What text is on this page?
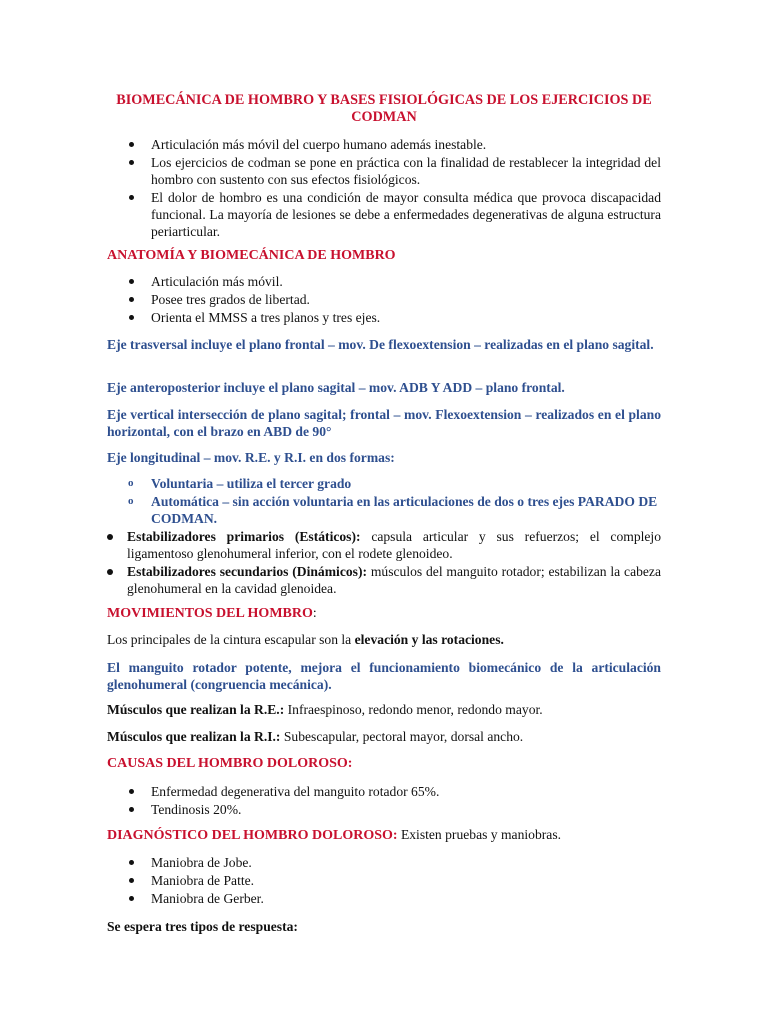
BIOMECÁNICA DE HOMBRO Y BASES FISIOLÓGICAS DE LOS EJERCICIOS DE CODMAN
Articulación más móvil del cuerpo humano además inestable.
Los ejercicios de codman se pone en práctica con la finalidad de restablecer la integridad del hombro con sustento con sus efectos fisiológicos.
El dolor de hombro es una condición de mayor consulta médica que provoca discapacidad funcional. La mayoría de lesiones se debe a enfermedades degenerativas de alguna estructura periarticular.
ANATOMÍA Y BIOMECÁNICA DE HOMBRO
Articulación más móvil.
Posee tres grados de libertad.
Orienta el MMSS a tres planos y tres ejes.
Eje trasversal incluye el plano frontal – mov. De flexoextension – realizadas en el plano sagital.
Eje anteroposterior incluye el plano sagital – mov. ADB Y ADD – plano frontal.
Eje vertical intersección de plano sagital; frontal – mov. Flexoextension – realizados en el plano horizontal, con el brazo en ABD de 90°
Eje longitudinal – mov. R.E. y R.I. en dos formas:
o Voluntaria – utiliza el tercer grado
o Automática – sin acción voluntaria en las articulaciones de dos o tres ejes PARADO DE CODMAN.
Estabilizadores primarios (Estáticos): capsula articular y sus refuerzos; el complejo ligamentoso glenohumeral inferior, con el rodete glenoideo.
Estabilizadores secundarios (Dinámicos): músculos del manguito rotador; estabilizan la cabeza glenohumeral en la cavidad glenoidea.
MOVIMIENTOS DEL HOMBRO:
Los principales de la cintura escapular son la elevación y las rotaciones.
El manguito rotador potente, mejora el funcionamiento biomecánico de la articulación glenohumeral (congruencia mecánica).
Músculos que realizan la R.E.: Infraespinoso, redondo menor, redondo mayor.
Músculos que realizan la R.I.: Subescapular, pectoral mayor, dorsal ancho.
CAUSAS DEL HOMBRO DOLOROSO:
Enfermedad degenerativa del manguito rotador 65%.
Tendinosis 20%.
DIAGNÓSTICO DEL HOMBRO DOLOROSO: Existen pruebas y maniobras.
Maniobra de Jobe.
Maniobra de Patte.
Maniobra de Gerber.
Se espera tres tipos de respuesta:
